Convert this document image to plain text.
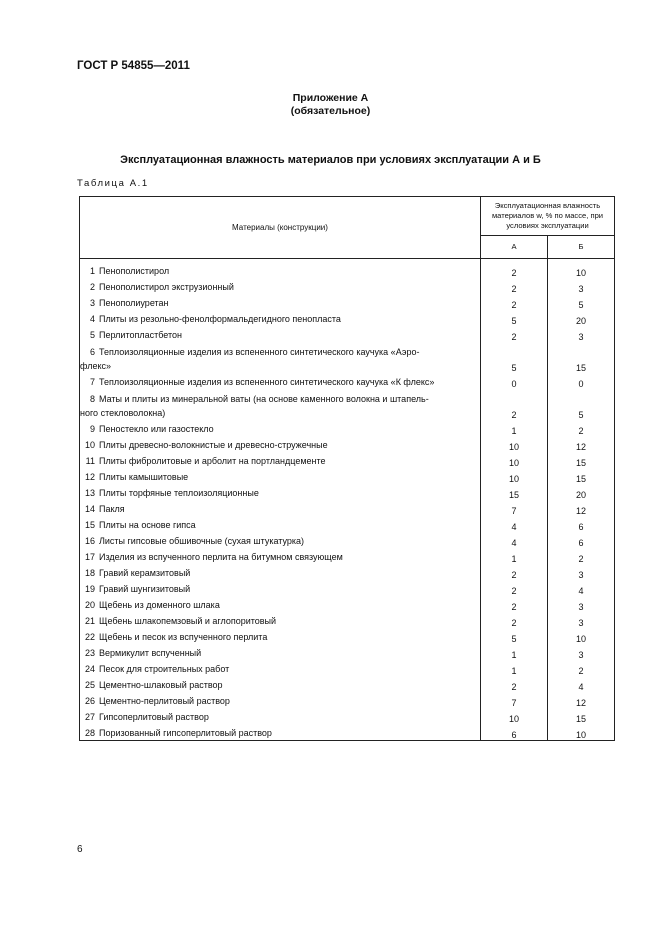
ГОСТ Р 54855—2011
Приложение А
(обязательное)
Эксплуатационная влажность материалов при условиях эксплуатации А и Б
Таблица А.1
Материалы (конструкции)	Эксплуатационная влажность материалов w, % по массе, при условиях эксплуатации	
	А	Б

1 Пенополистирол	2	10
2 Пенополистирол экструзионный	2	3
3 Пенополиуретан	2	5
4 Плиты из резольно-фенолформальдегидного пенопласта	5	20
5 Перлитопластбетон	2	3

6 Теплоизоляционные изделия из вспененного синтетического каучука «Аэро-
флекс»	5	15
7 Теплоизоляционные изделия из вспененного синтетического каучука «К флекс»	0	0

8 Маты и плиты из минеральной ваты (на основе каменного волокна и штапель-
ного стекловолокна)	2	5
9 Пеностекло или газостекло	1	2
10 Плиты древесно-волокнистые и древесно-стружечные	10	12
11 Плиты фибролитовые и арболит на портландцементе	10	15
12 Плиты камышитовые	10	15
13 Плиты торфяные теплоизоляционные	15	20
14 Пакля	7	12
15 Плиты на основе гипса	4	6
16 Листы гипсовые обшивочные (сухая штукатурка)	4	6
17 Изделия из вспученного перлита на битумном связующем	1	2
18 Гравий керамзитовый	2	3
19 Гравий шунгизитовый	2	4
20 Щебень из доменного шлака	2	3
21 Щебень шлакопемзовый и аглопоритовый	2	3
22 Щебень и песок из вспученного перлита	5	10
23 Вермикулит вспученный	1	3
24 Песок для строительных работ	1	2
25 Цементно-шлаковый раствор	2	4
26 Цементно-перлитовый раствор	7	12
27 Гипсоперлитовый раствор	10	15
28 Поризованный гипсоперлитовый раствор	6	10
6
